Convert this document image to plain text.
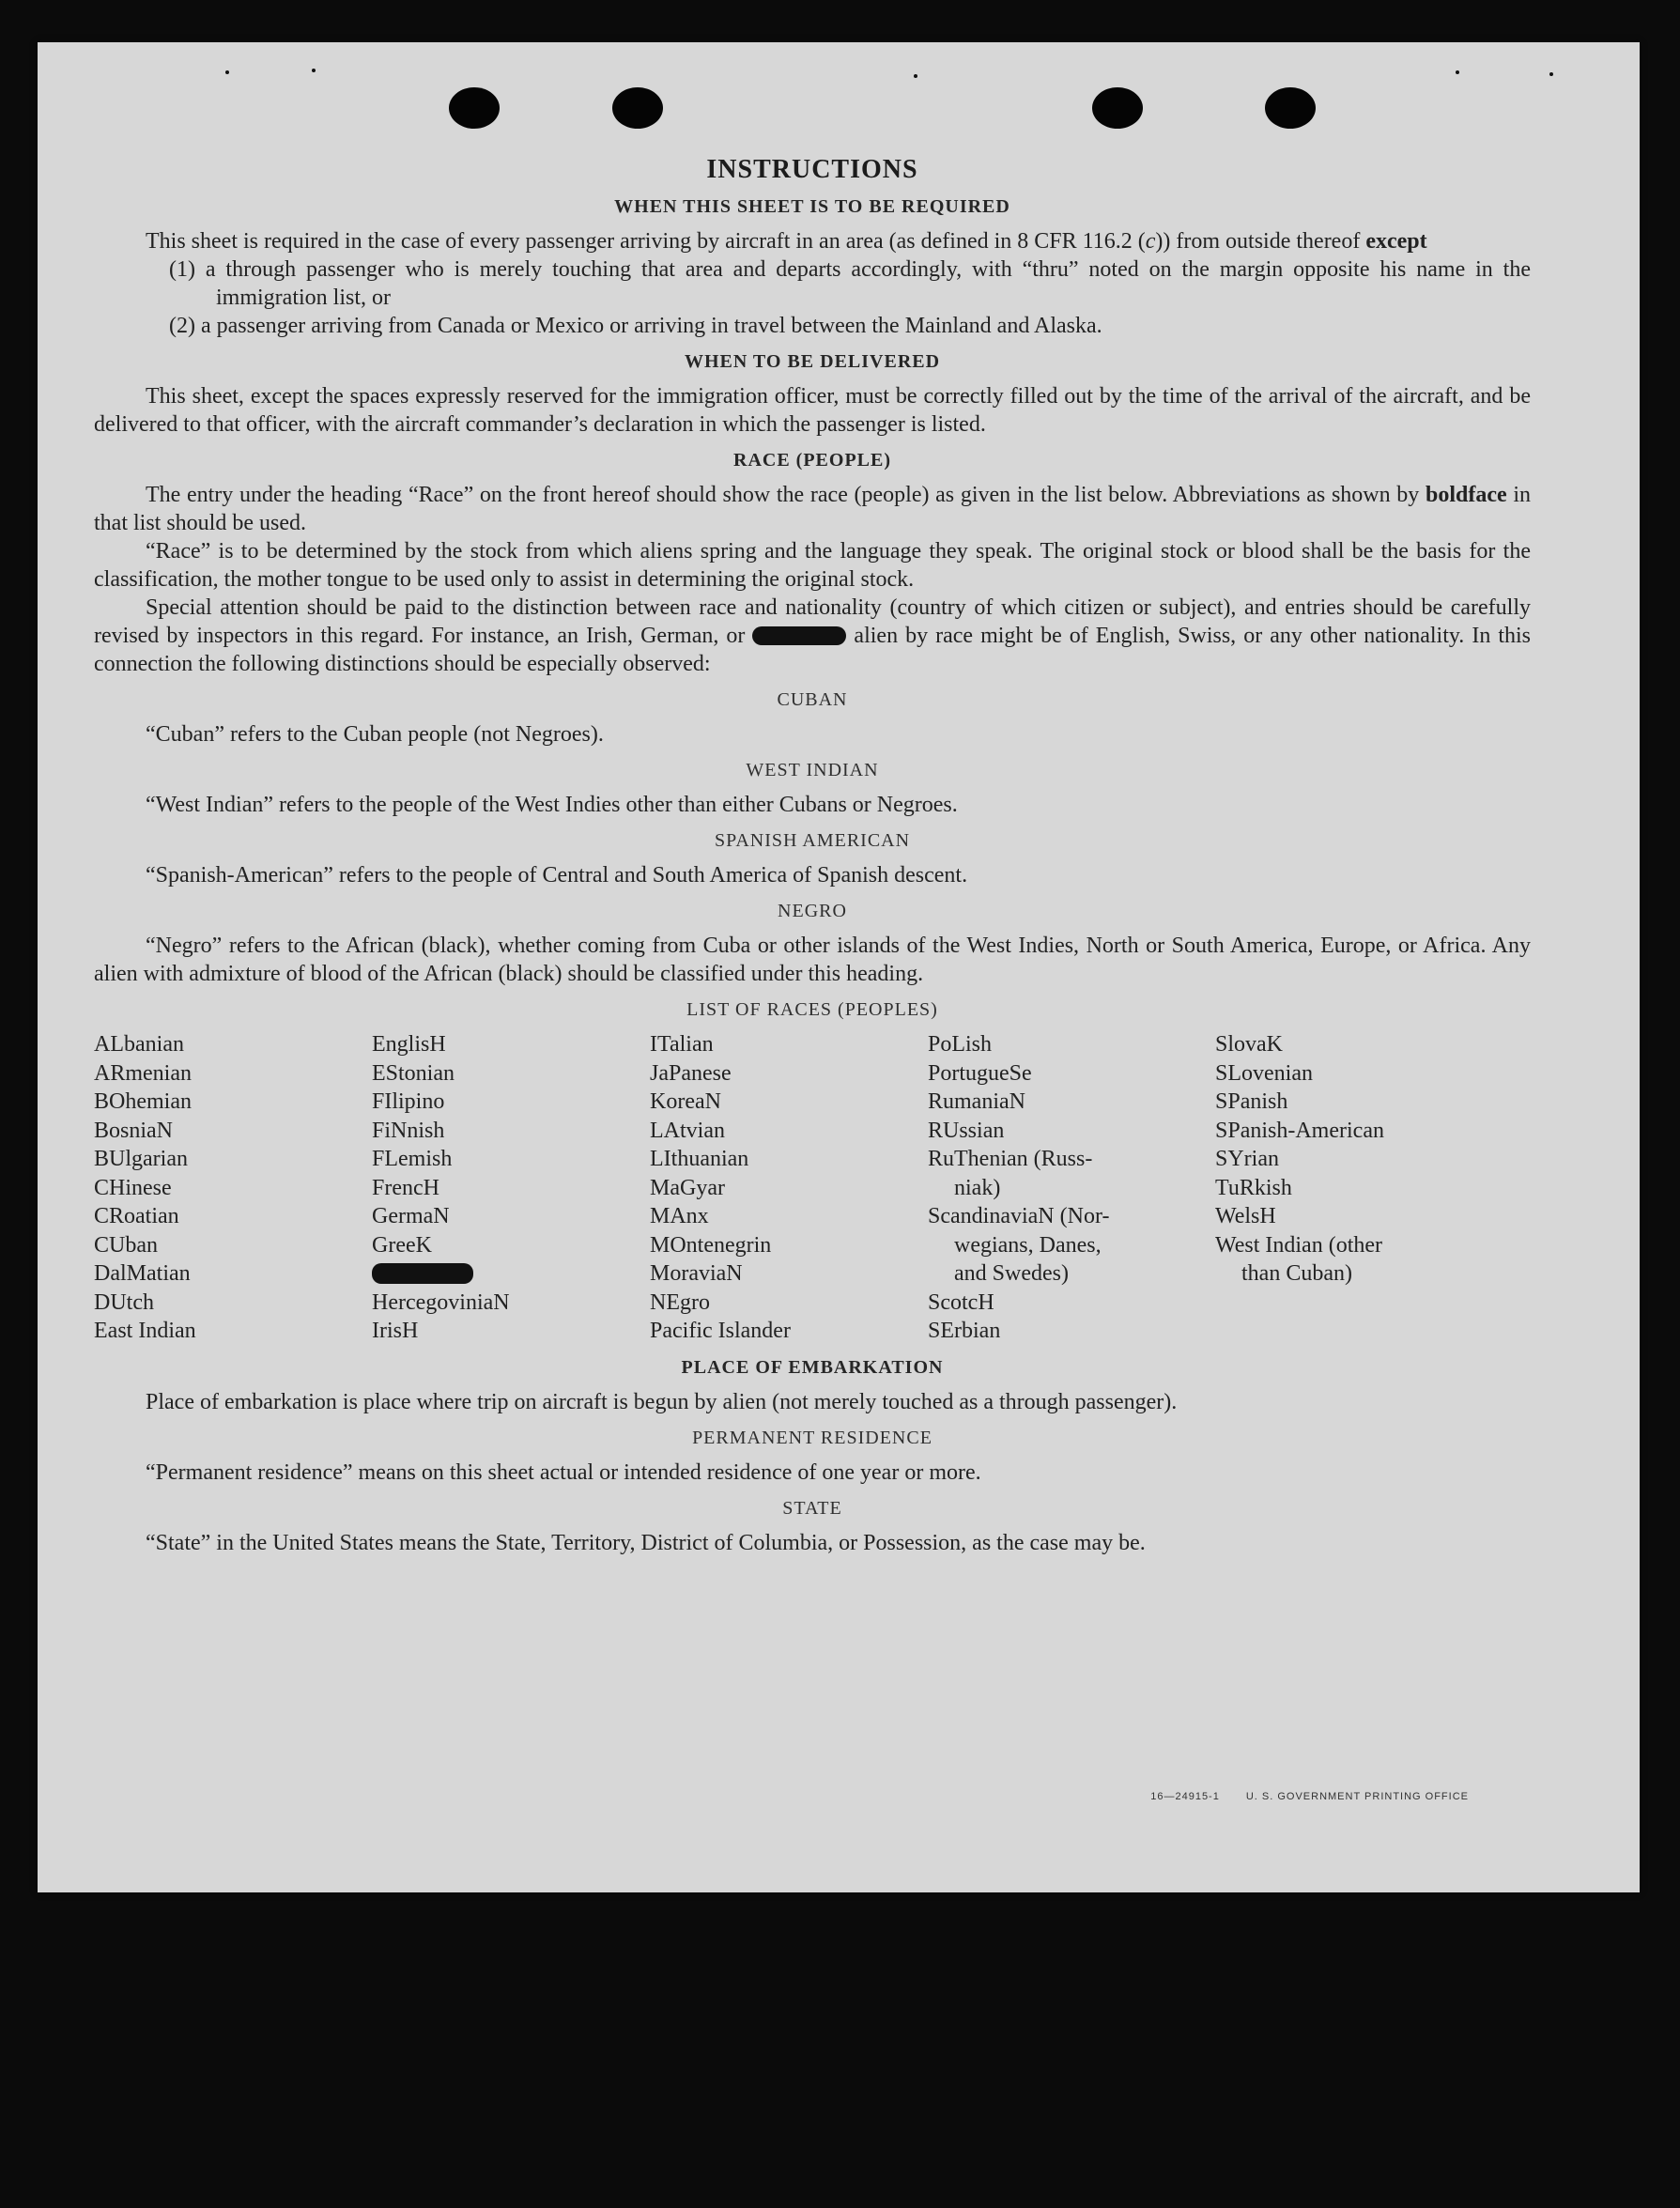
INSTRUCTIONS
WHEN THIS SHEET IS TO BE REQUIRED

This sheet is required in the case of every passenger arriving by aircraft in an area (as defined in 8 CFR 116.2 (c)) from outside thereof except

(1) a through passenger who is merely touching that area and departs accordingly, with “thru” noted on the margin opposite his name in the immigration list, or

(2) a passenger arriving from Canada or Mexico or arriving in travel between the Mainland and Alaska.

WHEN TO BE DELIVERED

This sheet, except the spaces expressly reserved for the immigration officer, must be correctly filled out by the time of the arrival of the aircraft, and be delivered to that officer, with the aircraft commander’s declaration in which the passenger is listed.

RACE (PEOPLE)

The entry under the heading “Race” on the front hereof should show the race (people) as given in the list below. Abbreviations as shown by boldface in that list should be used.

“Race” is to be determined by the stock from which aliens spring and the language they speak. The original stock or blood shall be the basis for the classification, the mother tongue to be used only to assist in determining the original stock.

Special attention should be paid to the distinction between race and nationality (country of which citizen or subject), and entries should be carefully revised by inspectors in this regard. For instance, an Irish, German, or	alien by race might be of English, Swiss, or any other nationality. In this connection the following distinctions should be especially observed:

CUBAN

“Cuban” refers to the Cuban people (not Negroes).

WEST INDIAN

“West Indian” refers to the people of the West Indies other than either Cubans or Negroes.

SPANISH AMERICAN

“Spanish-American” refers to the people of Central and South America of Spanish descent.

NEGRO

“Negro” refers to the African (black), whether coming from Cuba or other islands of the West Indies, North or South America, Europe, or Africa. Any alien with admixture of blood of the African (black) should be classified under this heading.

LIST OF RACES (PEOPLES)
ALbanian
ARmenian
BOhemian
BosniaN
BUlgarian
CHinese
CRoatian
CUban
DalMatian
DUtch
East Indian
EnglisH
EStonian
FIlipino
FiNnish
FLemish
FrencH
GermaN
GreeK
HercegoviniaN
IrisH
ITalian
JaPanese
KoreaN
LAtvian
LIthuanian
MaGyar
MAnx
MOntenegrin
MoraviaN
NEgro
Pacific Islander
PoLish
PortugueSe
RumaniaN
RUssian
RuThenian (Russ-
niak)
ScandinaviaN (Nor-
wegians, Danes,
and Swedes)
ScotcH
SErbian
SlovaK
SLovenian
SPanish
SPanish-American
SYrian
TuRkish
WelsH
West Indian (other
than Cuban)
PLACE OF EMBARKATION

Place of embarkation is place where trip on aircraft is begun by alien (not merely touched as a through passenger).

PERMANENT RESIDENCE

“Permanent residence” means on this sheet actual or intended residence of one year or more.

STATE

“State” in the United States means the State, Territory, District of Columbia, or Possession, as the case may be.

16—24915-1	U. S. GOVERNMENT PRINTING OFFICE
